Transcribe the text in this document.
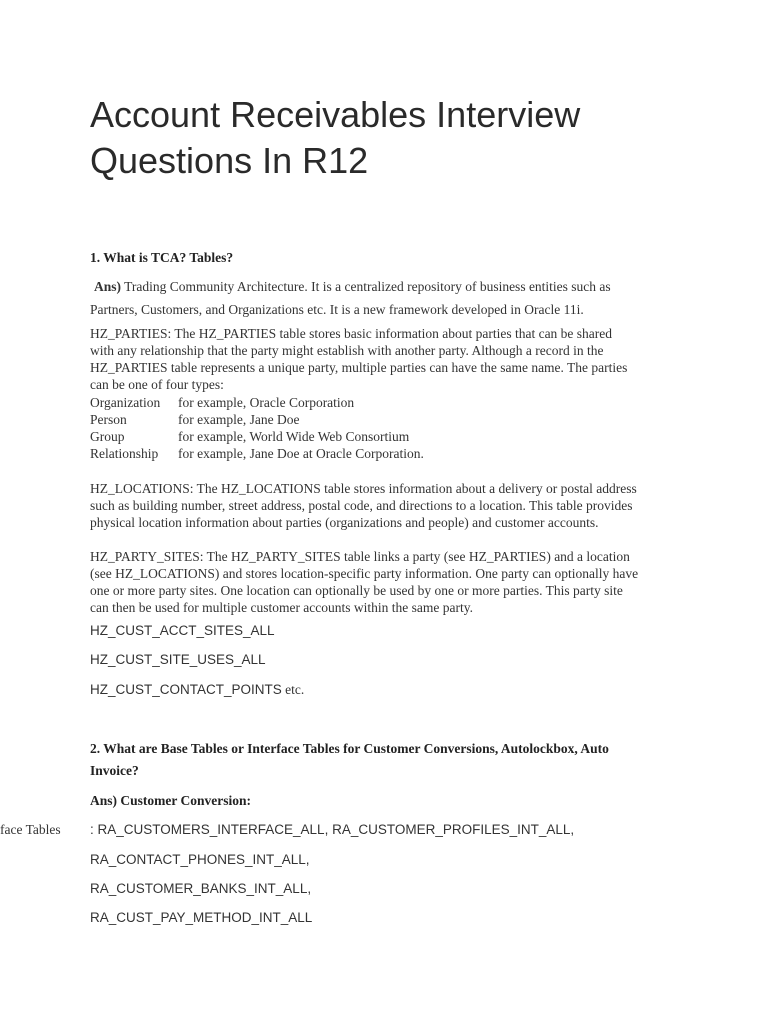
Account Receivables Interview
Questions In R12
1. What is TCA? Tables?
Ans) Trading Community Architecture. It is a centralized repository of business entities such as
Partners, Customers, and Organizations etc. It is a new framework developed in Oracle 11i.
HZ_PARTIES: The HZ_PARTIES table stores basic information about parties that can be shared
with any relationship that the party might establish with another party. Although a record in the
HZ_PARTIES table represents a unique party, multiple parties can have the same name. The parties
can be one of four types:
Organization for example, Oracle Corporation
Person	for example, Jane Doe
Group	for example, World Wide Web Consortium
Relationship for example, Jane Doe at Oracle Corporation.
HZ_LOCATIONS: The HZ_LOCATIONS table stores information about a delivery or postal address
such as building number, street address, postal code, and directions to a location. This table provides
physical location information about parties (organizations and people) and customer accounts.
HZ_PARTY_SITES: The HZ_PARTY_SITES table links a party (see HZ_PARTIES) and a location
(see HZ_LOCATIONS) and stores location-specific party information. One party can optionally have
one or more party sites. One location can optionally be used by one or more parties. This party site
can then be used for multiple customer accounts within the same party.
HZ_CUST_ACCT_SITES_ALL
HZ_CUST_SITE_USES_ALL
HZ_CUST_CONTACT_POINTS etc.
2. What are Base Tables or Interface Tables for Customer Conversions, Autolockbox, Auto
Invoice?
Ans) Customer Conversion:
face Tables : RA_CUSTOMERS_INTERFACE_ALL, RA_CUSTOMER_PROFILES_INT_ALL,
RA_CONTACT_PHONES_INT_ALL,
RA_CUSTOMER_BANKS_INT_ALL,
RA_CUST_PAY_METHOD_INT_ALL
